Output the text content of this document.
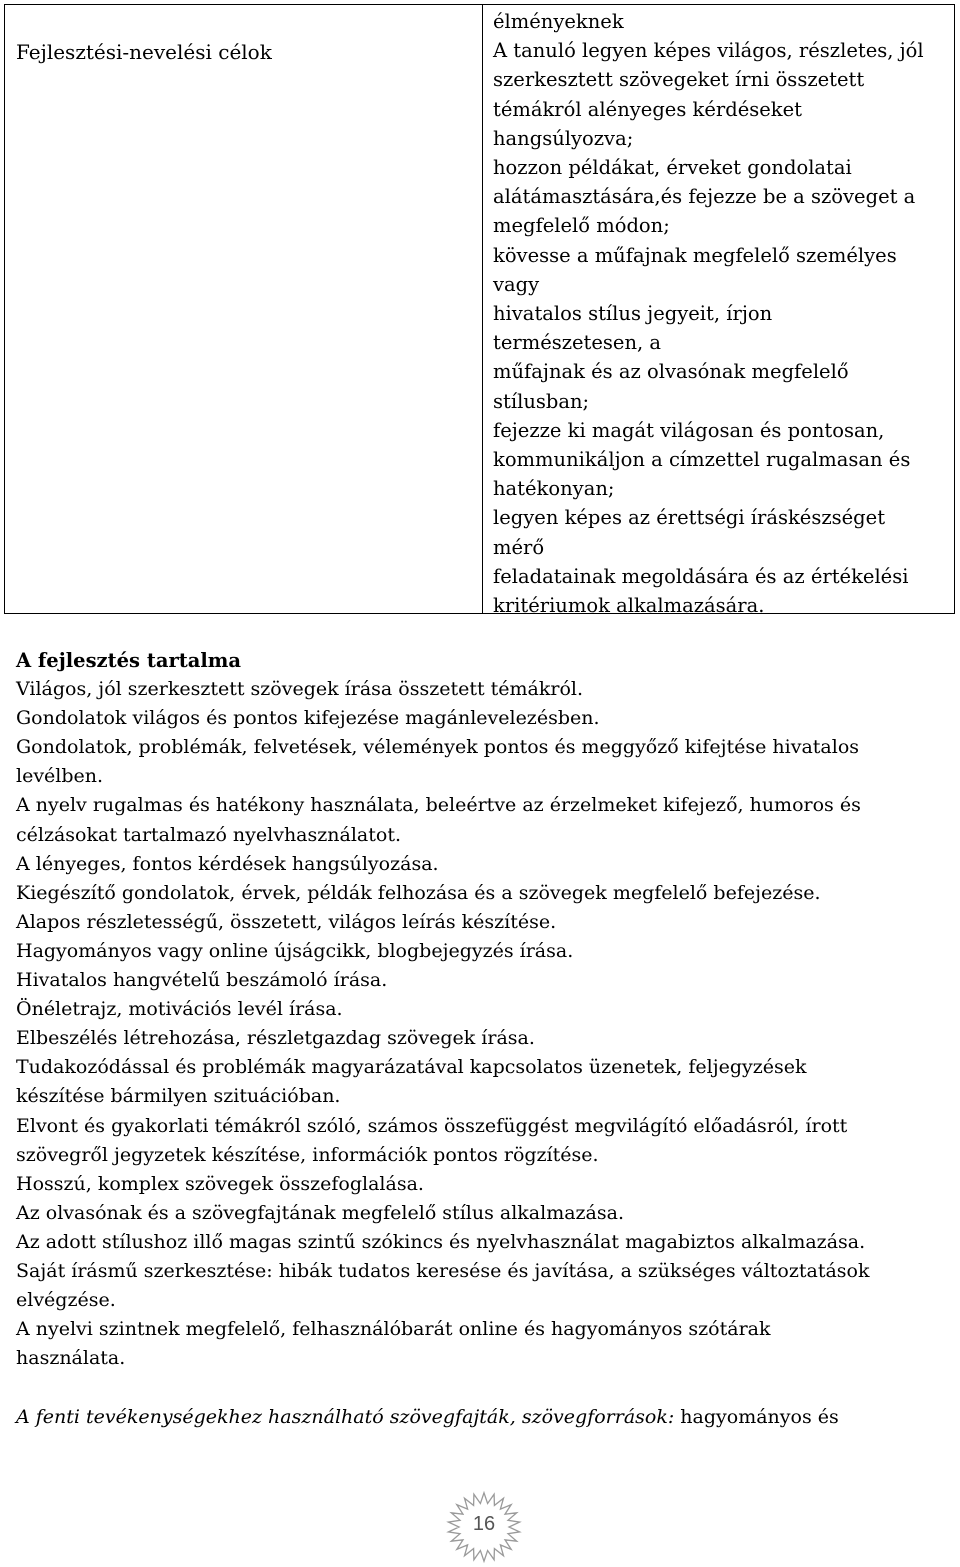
Fejlesztési-nevelési célok
élményeknek
A tanuló legyen képes világos, részletes, jól
szerkesztett szövegeket írni összetett
témákról alényeges kérdéseket
hangsúlyozva;
hozzon példákat, érveket gondolatai
alátámasztására,és fejezze be a szöveget a
megfelelő módon;
kövesse a műfajnak megfelelő személyes
vagy
hivatalos stílus jegyeit, írjon
természetesen, a
műfajnak és az olvasónak megfelelő
stílusban;
fejezze ki magát világosan és pontosan,
kommunikáljon a címzettel rugalmasan és
hatékonyan;
legyen képes az érettségi íráskészséget
mérő
feladatainak megoldására és az értékelési
kritériumok alkalmazására.
A fejlesztés tartalma
Világos, jól szerkesztett szövegek írása összetett témákról.
Gondolatok világos és pontos kifejezése magánlevelezésben.
Gondolatok, problémák, felvetések, vélemények pontos és meggyőző kifejtése hivatalos
levélben.
A nyelv rugalmas és hatékony használata, beleértve az érzelmeket kifejező, humoros és
célzásokat tartalmazó nyelvhasználatot.
A lényeges, fontos kérdések hangsúlyozása.
Kiegészítő gondolatok, érvek, példák felhozása és a szövegek megfelelő befejezése.
Alapos részletességű, összetett, világos leírás készítése.
Hagyományos vagy online újságcikk, blogbejegyzés írása.
Hivatalos hangvételű beszámoló írása.
Önéletrajz, motivációs levél írása.
Elbeszélés létrehozása, részletgazdag szövegek írása.
Tudakozódással és problémák magyarázatával kapcsolatos üzenetek, feljegyzések
készítése bármilyen szituációban.
Elvont és gyakorlati témákról szóló, számos összefüggést megvilágító előadásról, írott
szövegről jegyzetek készítése, információk pontos rögzítése.
Hosszú, komplex szövegek összefoglalása.
Az olvasónak és a szövegfajtának megfelelő stílus alkalmazása.
Az adott stílushoz illő magas szintű szókincs és nyelvhasználat magabiztos alkalmazása.
Saját írásmű szerkesztése: hibák tudatos keresése és javítása, a szükséges változtatások
elvégzése.
A nyelvi szintnek megfelelő, felhasználóbarát online és hagyományos szótárak
használata.
A fenti tevékenységekhez használható szövegfajták, szövegforrások: hagyományos és
16
